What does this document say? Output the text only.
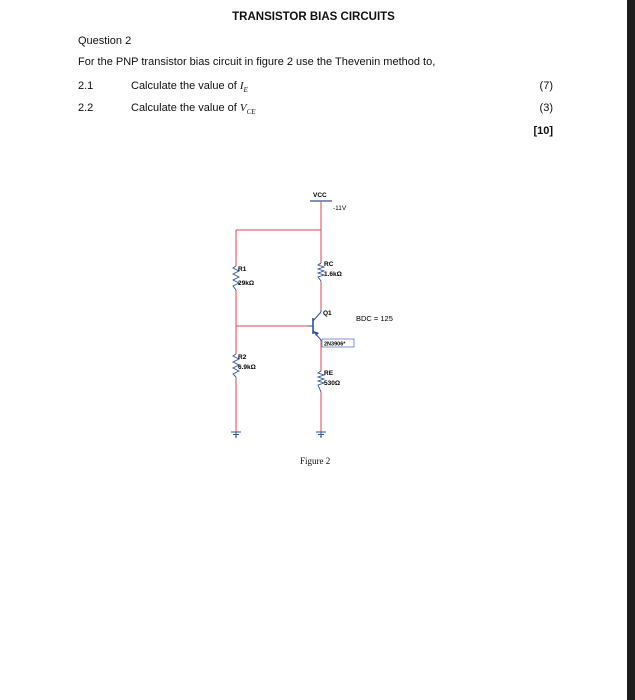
TRANSISTOR BIAS CIRCUITS
Question 2
For the PNP transistor bias circuit in figure 2 use the Thevenin method to,
2.1	Calculate the value of $I_E$	(7)
2.2	Calculate the value of $V_{CE}$	(3)
[10]
VCC
-11V
R1
29kΩ
R2
6.9kΩ
RC
1.6kΩ
RE
530Ω
Q1
2N3906*
BDC = 125
Figure 2
